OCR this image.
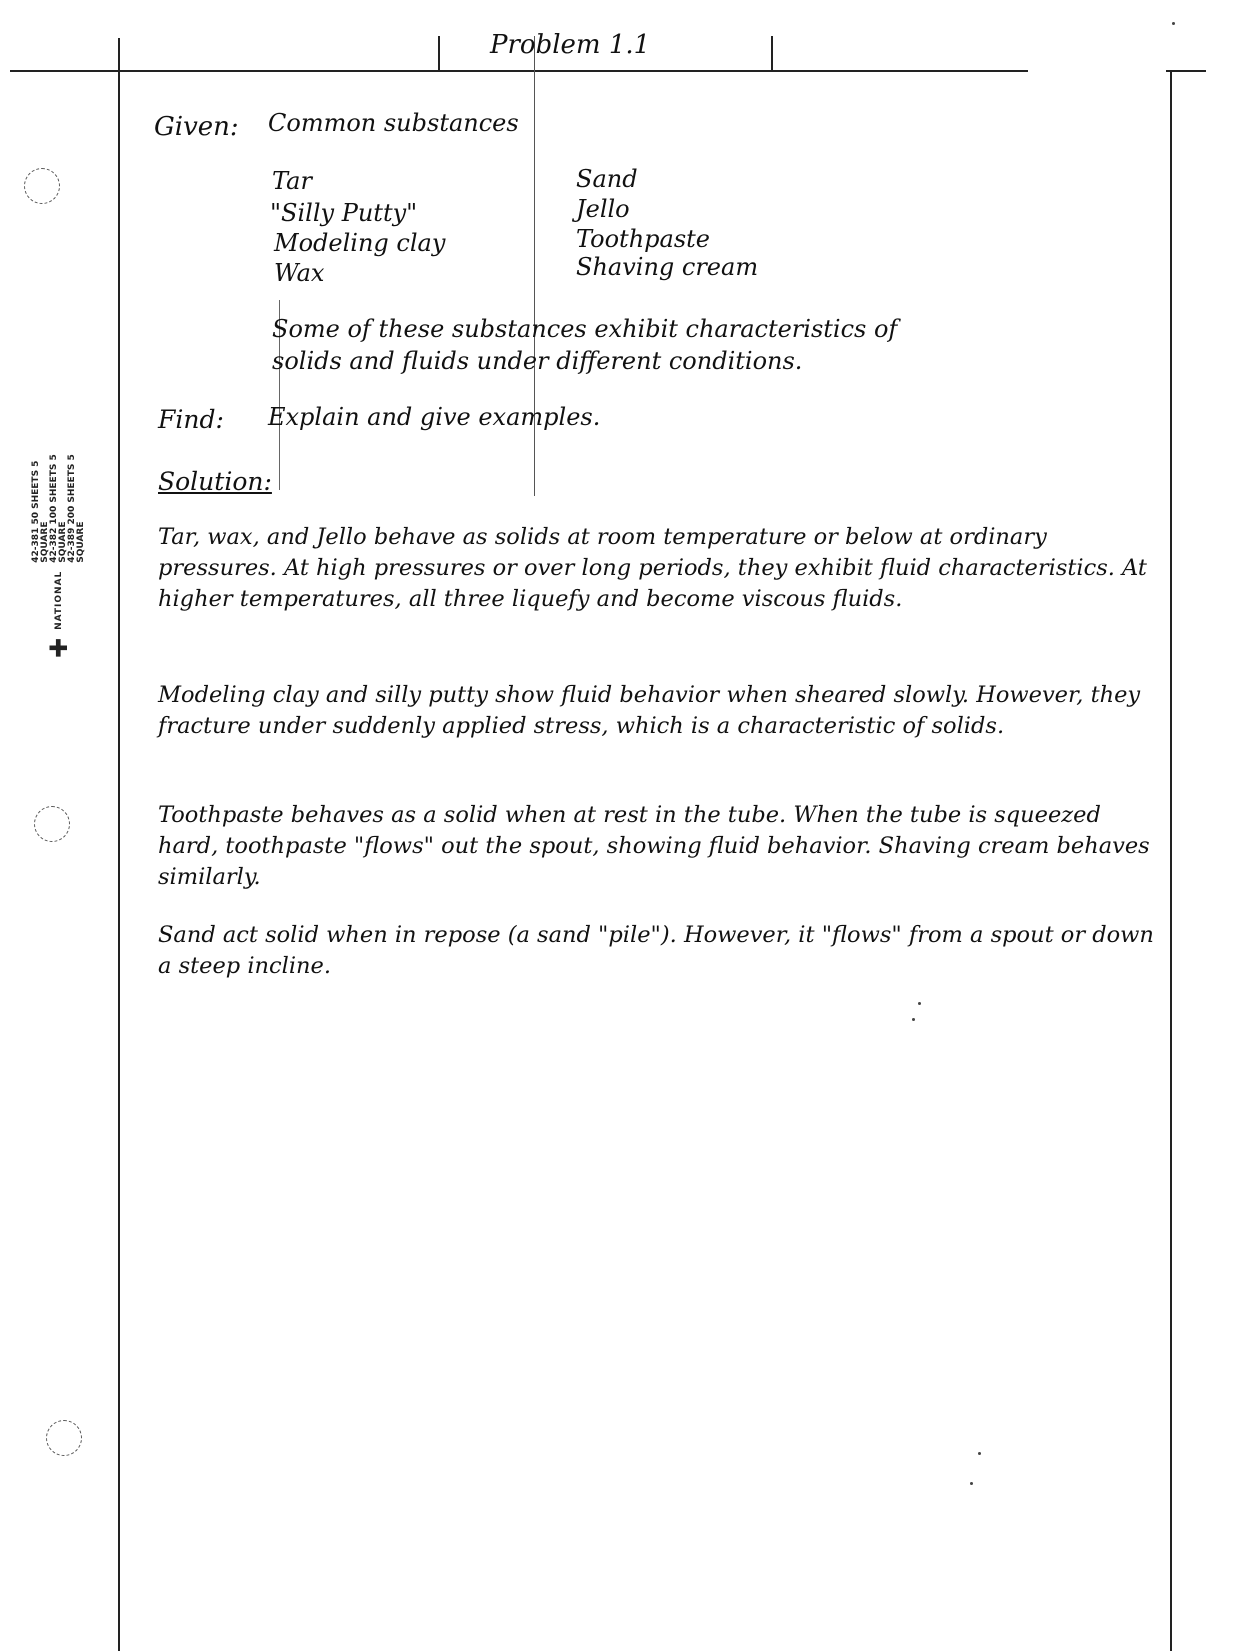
✚
NATIONAL
42-381 50 SHEETS 5 SQUARE 42-382 100 SHEETS 5 SQUARE 42-389 200 SHEETS 5 SQUARE
Problem 1.1
Given: Common substances
Tar
"Silly Putty"
Modeling clay
Wax
Sand
Jello
Toothpaste
Shaving cream
Some of these substances exhibit characteristics of
solids and fluids under different conditions.
Find: Explain and give examples.
Solution:
Tar, wax, and Jello behave as solids at room temperature or below at ordinary pressures. At high pressures or over long periods, they exhibit fluid characteristics. At higher temperatures, all three liquefy and become viscous fluids.
Modeling clay and silly putty show fluid behavior when sheared slowly. However, they fracture under suddenly applied stress, which is a characteristic of solids.
Toothpaste behaves as a solid when at rest in the tube. When the tube is squeezed hard, toothpaste "flows" out the spout, showing fluid behavior. Shaving cream behaves similarly.
Sand act solid when in repose (a sand "pile"). However, it "flows" from a spout or down a steep incline.
